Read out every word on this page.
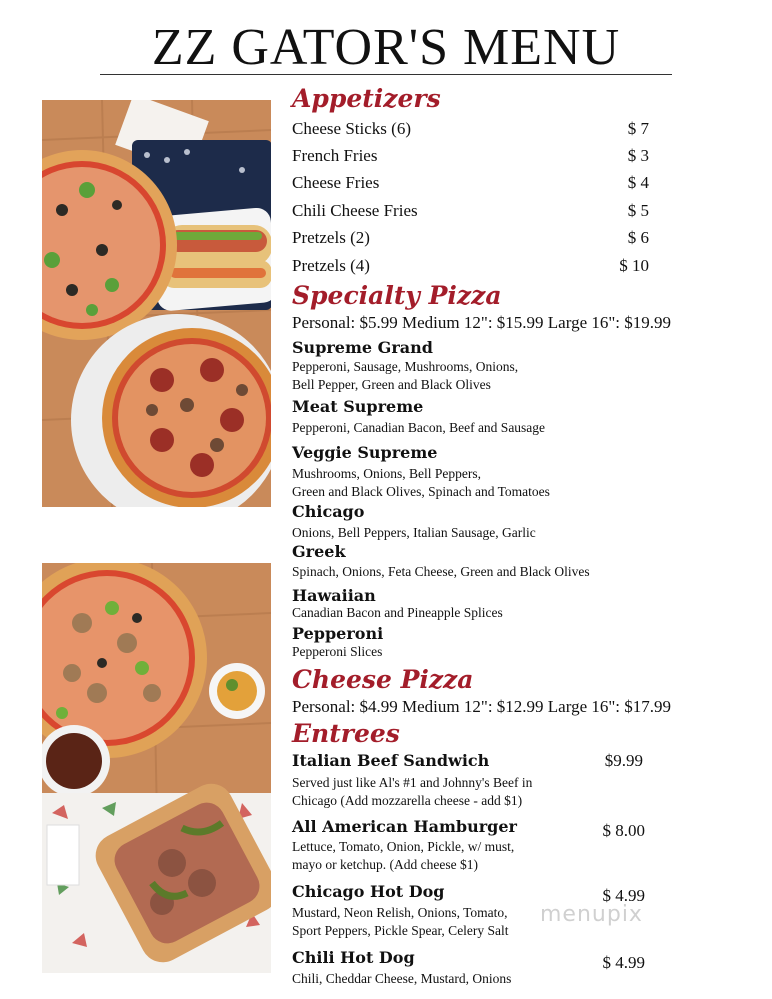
ZZ GATOR'S MENU
Appetizers
Cheese Sticks (6)	$ 7
French Fries	$ 3
Cheese Fries	$ 4
Chili Cheese Fries	$ 5
Pretzels (2)	$ 6
Pretzels (4)	$ 10
Specialty Pizza
Personal: $5.99 Medium 12": $15.99 Large 16": $19.99
Supreme Grand
Pepperoni, Sausage, Mushrooms, Onions,
Bell Pepper, Green and Black Olives
Meat Supreme
Pepperoni, Canadian Bacon, Beef and Sausage
Veggie Supreme
Mushrooms, Onions, Bell Peppers,
Green and Black Olives, Spinach and Tomatoes
Chicago
Onions, Bell Peppers, Italian Sausage, Garlic
Greek
Spinach, Onions, Feta Cheese, Green and Black Olives
Hawaiian
Canadian Bacon and Pineapple Splices
Pepperoni
Pepperoni Slices
Cheese Pizza
Personal: $4.99 Medium 12": $12.99 Large 16": $17.99
Entrees
Italian Beef Sandwich	$9.99
Served just like Al's #1 and Johnny's Beef in
Chicago (Add mozzarella cheese - add $1)
All American Hamburger	$ 8.00
Lettuce, Tomato, Onion, Pickle, w/ must,
mayo or ketchup. (Add cheese $1)
Chicago Hot Dog	$ 4.99
Mustard, Neon Relish, Onions, Tomato,
Sport Peppers, Pickle Spear, Celery Salt
Chili Hot Dog	$ 4.99
Chili, Cheddar Cheese, Mustard, Onions
menupix
